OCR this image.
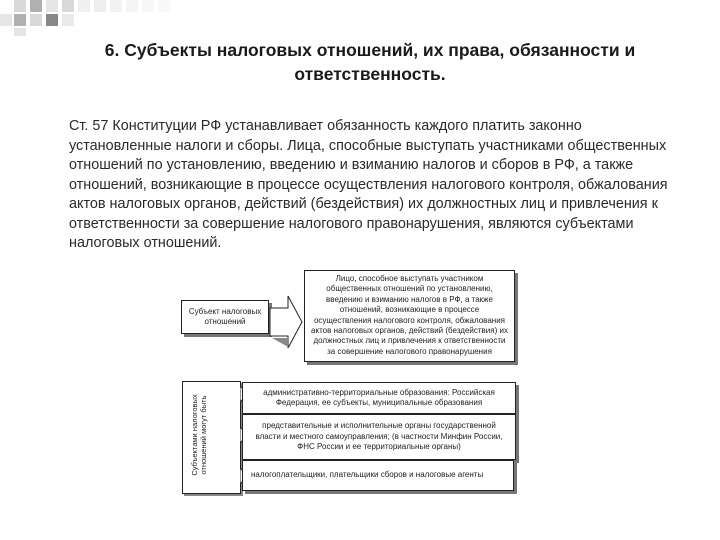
6. Субъекты налоговых отношений, их права, обязанности и ответственность.
Ст. 57 Конституции РФ устанавливает обязанность каждого платить законно установленные налоги и сборы. Лица, способные выступать участниками общественных отношений по установлению, введению и взиманию налогов и сборов в РФ, а также отношений, возникающие в процессе осуществления налогового контроля, обжалования актов налоговых органов, действий (бездействия) их должностных лиц и привлечения к ответственности за совершение налогового правонарушения, являются субъектами налоговых отношений.
Субъект налоговых отношений
Лицо, способное выступать участником общественных отношений по установлению, введению и взиманию налогов в РФ, а также отношений, возникающие в процессе осуществления налогового контроля, обжалования актов налоговых органов, действий (бездействия) их должностных лиц и привлечения к ответственности за совершение налогового правонарушения
Субъектами налоговых отношений могут быть
административно-территориальные образования: Российская Федерация, ее субъекты, муниципальные образования
представительные и исполнительные органы государственной власти и местного самоуправления; (в частности Минфин России, ФНС России и ее территориальные органы)
налогоплательщики, плательщики сборов и налоговые агенты
